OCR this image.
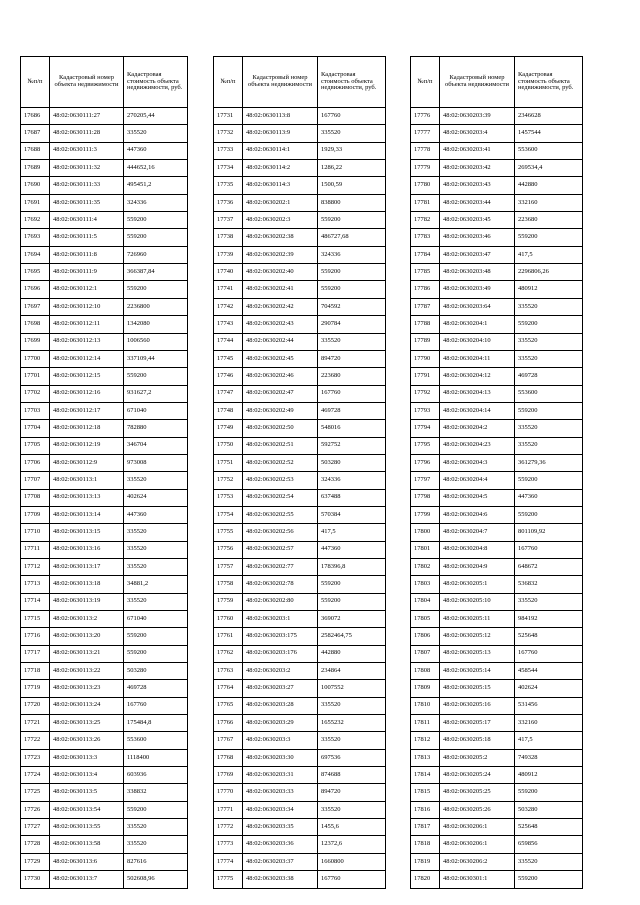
№п/п	Кадастровый номер объекта недвижимости	Кадастровая стоимость объекта недвижимости, руб.
17686	48:02:0630111:27	270205,44
17687	48:02:0630111:28	335520
17688	48:02:0630111:3	447360
17689	48:02:0630111:32	444652,16
17690	48:02:0630111:33	495451,2
17691	48:02:0630111:35	324336
17692	48:02:0630111:4	559200
17693	48:02:0630111:5	559200
17694	48:02:0630111:8	726960
17695	48:02:0630111:9	366387,84
17696	48:02:0630112:1	559200
17697	48:02:0630112:10	2236800
17698	48:02:0630112:11	1342080
17699	48:02:0630112:13	1006560
17700	48:02:0630112:14	337109,44
17701	48:02:0630112:15	559200
17702	48:02:0630112:16	931627,2
17703	48:02:0630112:17	671040
17704	48:02:0630112:18	782880
17705	48:02:0630112:19	346704
17706	48:02:0630112:9	973008
17707	48:02:0630113:1	335520
17708	48:02:0630113:13	402624
17709	48:02:0630113:14	447360
17710	48:02:0630113:15	335520
17711	48:02:0630113:16	335520
17712	48:02:0630113:17	335520
17713	48:02:0630113:18	34881,2
17714	48:02:0630113:19	335520
17715	48:02:0630113:2	671040
17716	48:02:0630113:20	559200
17717	48:02:0630113:21	559200
17718	48:02:0630113:22	503280
17719	48:02:0630113:23	469728
17720	48:02:0630113:24	167760
17721	48:02:0630113:25	175484,8
17722	48:02:0630113:26	553600
17723	48:02:0630113:3	1118400
17724	48:02:0630113:4	603936
17725	48:02:0630113:5	338832
17726	48:02:0630113:54	559200
17727	48:02:0630113:55	335520
17728	48:02:0630113:58	335520
17729	48:02:0630113:6	827616
17730	48:02:0630113:7	502608,96
№п/п	Кадастровый номер объекта недвижимости	Кадастровая стоимость объекта недвижимости, руб.
17731	48:02:0630113:8	167760
17732	48:02:0630113:9	335520
17733	48:02:0630114:1	1929,33
17734	48:02:0630114:2	1286,22
17735	48:02:0630114:3	1500,59
17736	48:02:0630202:1	838800
17737	48:02:0630202:3	559200
17738	48:02:0630202:38	486727,68
17739	48:02:0630202:39	324336
17740	48:02:0630202:40	559200
17741	48:02:0630202:41	559200
17742	48:02:0630202:42	704592
17743	48:02:0630202:43	290784
17744	48:02:0630202:44	335520
17745	48:02:0630202:45	894720
17746	48:02:0630202:46	223680
17747	48:02:0630202:47	167760
17748	48:02:0630202:49	469728
17749	48:02:0630202:50	548016
17750	48:02:0630202:51	592752
17751	48:02:0630202:52	503280
17752	48:02:0630202:53	324336
17753	48:02:0630202:54	637488
17754	48:02:0630202:55	570384
17755	48:02:0630202:56	417,5
17756	48:02:0630202:57	447360
17757	48:02:0630202:77	178396,8
17758	48:02:0630202:78	559200
17759	48:02:0630202:80	559200
17760	48:02:0630203:1	369072
17761	48:02:0630203:175	2582464,75
17762	48:02:0630203:176	442880
17763	48:02:0630203:2	234864
17764	48:02:0630203:27	1007552
17765	48:02:0630203:28	335520
17766	48:02:0630203:29	1655232
17767	48:02:0630203:3	335520
17768	48:02:0630203:30	697536
17769	48:02:0630203:31	874688
17770	48:02:0630203:33	894720
17771	48:02:0630203:34	335520
17772	48:02:0630203:35	1455,6
17773	48:02:0630203:36	12372,6
17774	48:02:0630203:37	1660800
17775	48:02:0630203:38	167760
№п/п	Кадастровый номер объекта недвижимости	Кадастровая стоимость объекта недвижимости, руб.
17776	48:02:0630203:39	2346628
17777	48:02:0630203:4	1457544
17778	48:02:0630203:41	553600
17779	48:02:0630203:42	269534,4
17780	48:02:0630203:43	442880
17781	48:02:0630203:44	332160
17782	48:02:0630203:45	223680
17783	48:02:0630203:46	559200
17784	48:02:0630203:47	417,5
17785	48:02:0630203:48	2296806,26
17786	48:02:0630203:49	480912
17787	48:02:0630203:64	335520
17788	48:02:0630204:1	559200
17789	48:02:0630204:10	335520
17790	48:02:0630204:11	335520
17791	48:02:0630204:12	469728
17792	48:02:0630204:13	553600
17793	48:02:0630204:14	559200
17794	48:02:0630204:2	335520
17795	48:02:0630204:23	335520
17796	48:02:0630204:3	361279,36
17797	48:02:0630204:4	559200
17798	48:02:0630204:5	447360
17799	48:02:0630204:6	559200
17800	48:02:0630204:7	801109,92
17801	48:02:0630204:8	167760
17802	48:02:0630204:9	648672
17803	48:02:0630205:1	536832
17804	48:02:0630205:10	335520
17805	48:02:0630205:11	984192
17806	48:02:0630205:12	525648
17807	48:02:0630205:13	167760
17808	48:02:0630205:14	458544
17809	48:02:0630205:15	402624
17810	48:02:0630205:16	531456
17811	48:02:0630205:17	332160
17812	48:02:0630205:18	417,5
17813	48:02:0630205:2	749328
17814	48:02:0630205:24	480912
17815	48:02:0630205:25	559200
17816	48:02:0630205:26	503280
17817	48:02:0630206:1	525648
17818	48:02:0630206:1	659856
17819	48:02:0630206:2	335520
17820	48:02:0630301:1	559200
